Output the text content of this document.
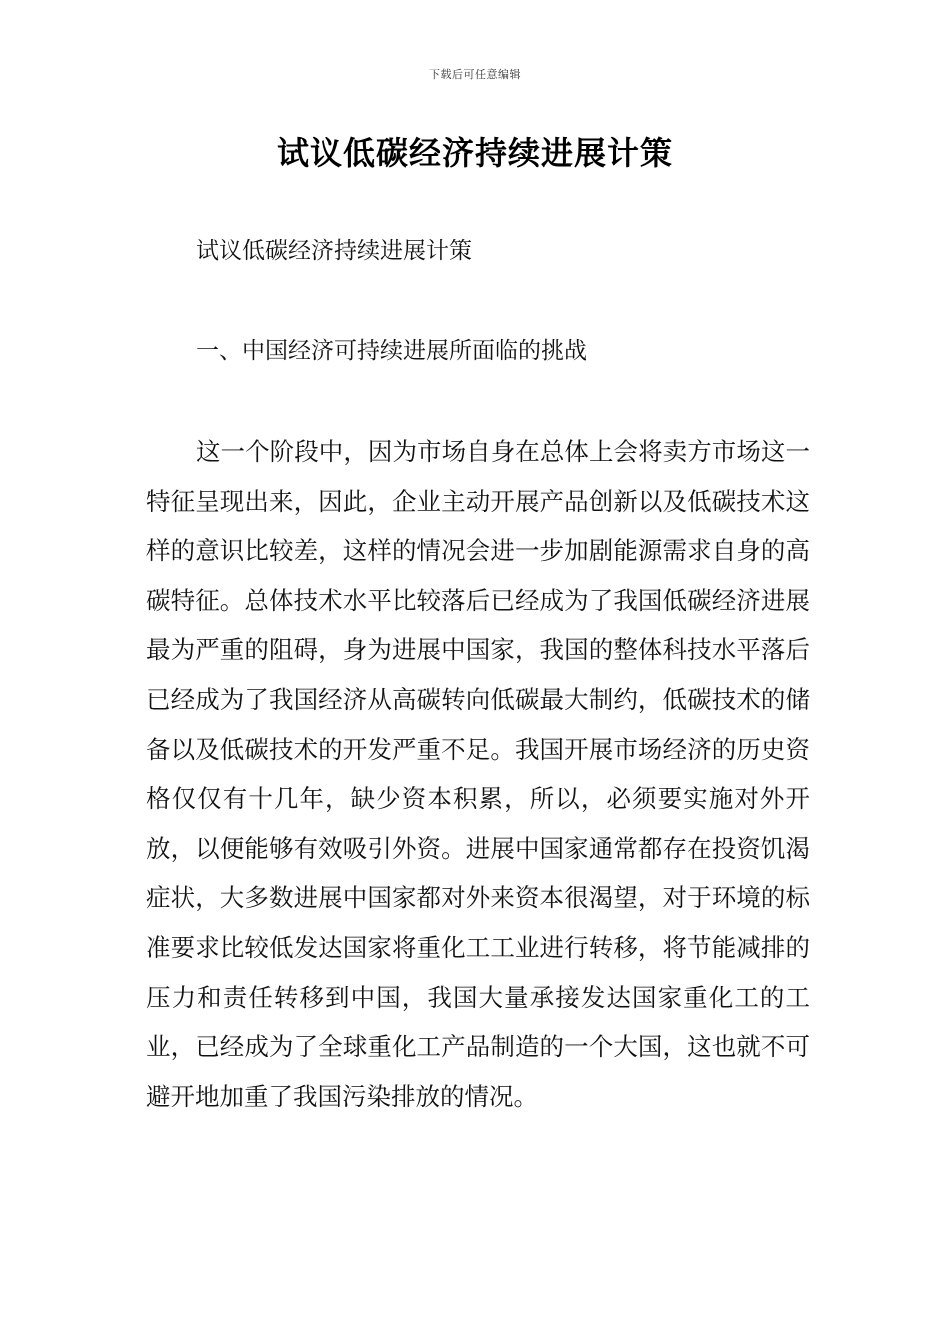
下载后可任意编辑
试议低碳经济持续进展计策

试议低碳经济持续进展计策

一、中国经济可持续进展所面临的挑战

这一个阶段中，因为市场自身在总体上会将卖方市场这一特征呈现出来，因此，企业主动开展产品创新以及低碳技术这样的意识比较差，这样的情况会进一步加剧能源需求自身的高碳特征。总体技术水平比较落后已经成为了我国低碳经济进展最为严重的阻碍，身为进展中国家，我国的整体科技水平落后已经成为了我国经济从高碳转向低碳最大制约，低碳技术的储备以及低碳技术的开发严重不足。我国开展市场经济的历史资格仅仅有十几年，缺少资本积累，所以，必须要实施对外开放，以便能够有效吸引外资。进展中国家通常都存在投资饥渴症状，大多数进展中国家都对外来资本很渴望，对于环境的标准要求比较低发达国家将重化工工业进行转移，将节能减排的压力和责任转移到中国，我国大量承接发达国家重化工的工业，已经成为了全球重化工产品制造的一个大国，这也就不可避开地加重了我国污染排放的情况。
